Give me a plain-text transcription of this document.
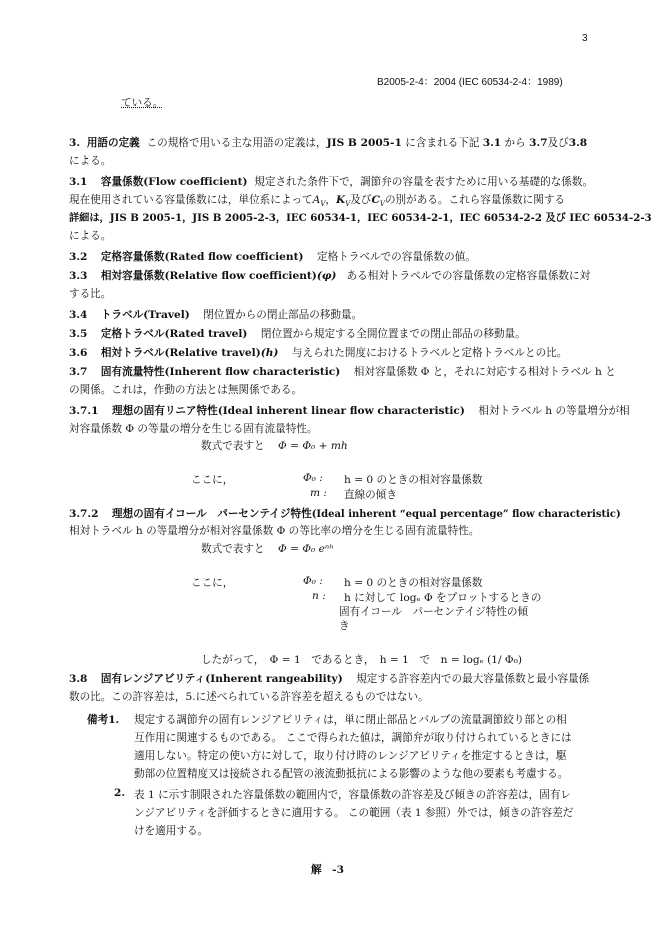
3
B2005-2-4：2004 (IEC 60534-2-4：1989)
ている。
3. 用語の定義 この規格で用いる主な用語の定義は，JIS B 2005-1 に含まれる下記 3.1 から 3.7及び3.8
による。
3.1 容量係数(Flow coefficient) 規定された条件下で，調節弁の容量を表すために用いる基礎的な係数。
現在使用されている容量係数には，単位系によって$A_V$，$K_V$及び$C_V$の別がある。これら容量係数に関する
詳細は，JIS B 2005-1，JIS B 2005-2-3，IEC 60534-1，IEC 60534-2-1，IEC 60534-2-2 及び IEC 60534-2-3
による。
3.2 定格容量係数(Rated flow coefficient) 定格トラベルでの容量係数の値。
3.3 相対容量係数(Relative flow coefficient)(φ) ある相対トラベルでの容量係数の定格容量係数に対
する比。
3.4 トラベル(Travel) 閉位置からの閉止部品の移動量。
3.5 定格トラベル(Rated travel) 閉位置から規定する全開位置までの閉止部品の移動量。
3.6 相対トラベル(Relative travel)(h) 与えられた開度におけるトラベルと定格トラベルとの比。
3.7 固有流量特性(Inherent flow characteristic) 相対容量係数 Φ と，それに対応する相対トラベル h と
の関係。これは，作動の方法とは無関係である。
3.7.1 理想の固有リニア特性(Ideal inherent linear flow characteristic) 相対トラベル h の等量増分が相
対容量係数 Φ の等量の増分を生じる固有流量特性。
数式で表すと Φ = Φ₀ + mh
ここに，	Φ₀ : h = 0 のときの相対容量係数
m : 直線の傾き
3.7.2 理想の固有イコール　パーセンテイジ特性(Ideal inherent “equal percentage” flow characteristic)
相対トラベル h の等量増分が相対容量係数 Φ の等比率の増分を生じる固有流量特性。
数式で表すと Φ = Φ₀ eⁿʰ
ここに，	Φ₀ : h = 0 のときの相対容量係数
n : h に対して logₑ Φ をプロットするときの
固有イコール　パーセンテイジ特性の傾
き
したがって，　Φ = 1　であるとき，　h = 1　で　n = logₑ (1/ Φ₀)
3.8 固有レンジアビリティ(Inherent rangeability) 規定する許容差内での最大容量係数と最小容量係
数の比。この許容差は，5.に述べられている許容差を超えるものではない。
備考1. 規定する調節弁の固有レンジアビリティは，単に閉止部品とバルブの流量調節絞り部との相
互作用に関連するものである。 ここで得られた値は，調節弁が取り付けられているときには
適用しない。特定の使い方に対して，取り付け時のレンジアビリティを推定するときは，駆
動部の位置精度又は接続される配管の液流動抵抗による影響のような他の要素も考慮する。
2. 表 1 に示す制限された容量係数の範囲内で，容量係数の許容差及び傾きの許容差は，固有レ
ンジアビリティを評価するときに適用する。 この範囲（表 1 参照）外では，傾きの許容差だ
けを適用する。
解　-3
